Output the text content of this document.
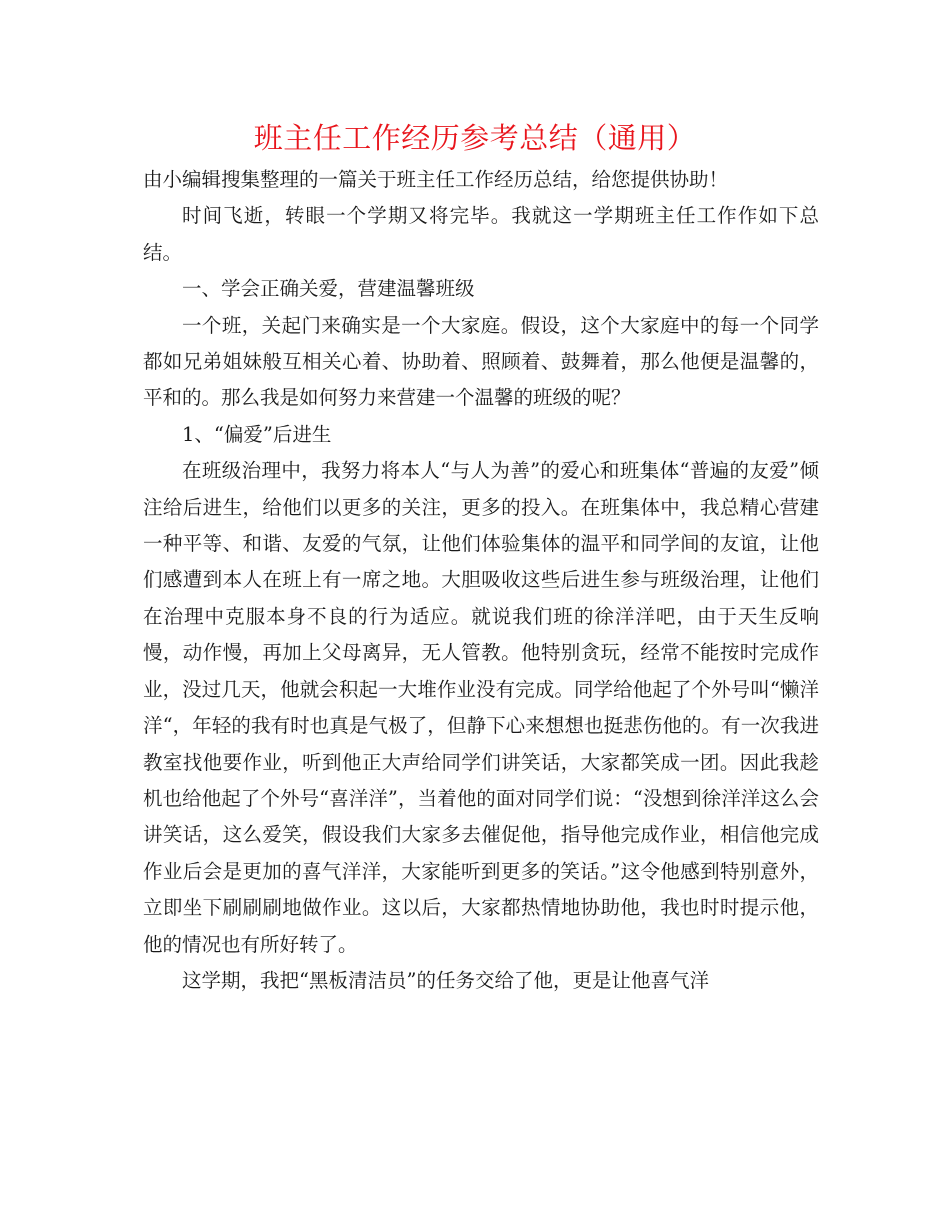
班主任工作经历参考总结（通用）

由小编辑搜集整理的一篇关于班主任工作经历总结，给您提供协助！

时间飞逝，转眼一个学期又将完毕。我就这一学期班主任工作作如下总结。

一、学会正确关爱，营建温馨班级

一个班，关起门来确实是一个大家庭。假设，这个大家庭中的每一个同学都如兄弟姐妹般互相关心着、协助着、照顾着、鼓舞着，那么他便是温馨的，平和的。那么我是如何努力来营建一个温馨的班级的呢？

1、“偏爱”后进生

在班级治理中，我努力将本人“与人为善”的爱心和班集体“普遍的友爱”倾注给后进生，给他们以更多的关注，更多的投入。在班集体中，我总精心营建一种平等、和谐、友爱的气氛，让他们体验集体的温平和同学间的友谊，让他们感遭到本人在班上有一席之地。大胆吸收这些后进生参与班级治理，让他们在治理中克服本身不良的行为适应。就说我们班的徐洋洋吧，由于天生反响慢，动作慢，再加上父母离异，无人管教。他特别贪玩，经常不能按时完成作业，没过几天，他就会积起一大堆作业没有完成。同学给他起了个外号叫“懒洋洋“，年轻的我有时也真是气极了，但静下心来想想也挺悲伤他的。有一次我进教室找他要作业，听到他正大声给同学们讲笑话，大家都笑成一团。因此我趁机也给他起了个外号“喜洋洋”，当着他的面对同学们说：“没想到徐洋洋这么会讲笑话，这么爱笑，假设我们大家多去催促他，指导他完成作业，相信他完成作业后会是更加的喜气洋洋，大家能听到更多的笑话。”这令他感到特别意外，立即坐下刷刷刷地做作业。这以后，大家都热情地协助他，我也时时提示他，他的情况也有所好转了。

这学期，我把“黑板清洁员”的任务交给了他，更是让他喜气洋
